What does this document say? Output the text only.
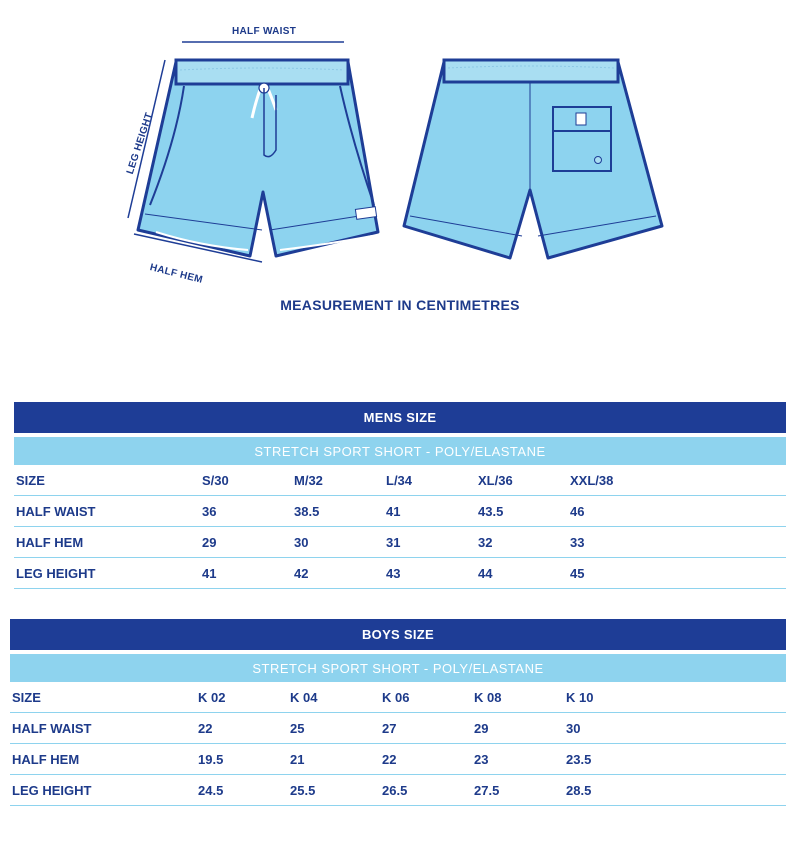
HALF WAIST
LEG HEIGHT
HALF HEM
MEASUREMENT IN CENTIMETRES
MENS SIZE
STRETCH SPORT SHORT - POLY/ELASTANE
SIZE	S/30	M/32	L/34	XL/36	XXL/38
HALF WAIST	36	38.5	41	43.5	46
HALF HEM	29	30	31	32	33
LEG HEIGHT	41	42	43	44	45
BOYS SIZE
STRETCH SPORT SHORT - POLY/ELASTANE
SIZE	K 02	K 04	K 06	K 08	K 10
HALF WAIST	22	25	27	29	30
HALF HEM	19.5	21	22	23	23.5
LEG HEIGHT	24.5	25.5	26.5	27.5	28.5
